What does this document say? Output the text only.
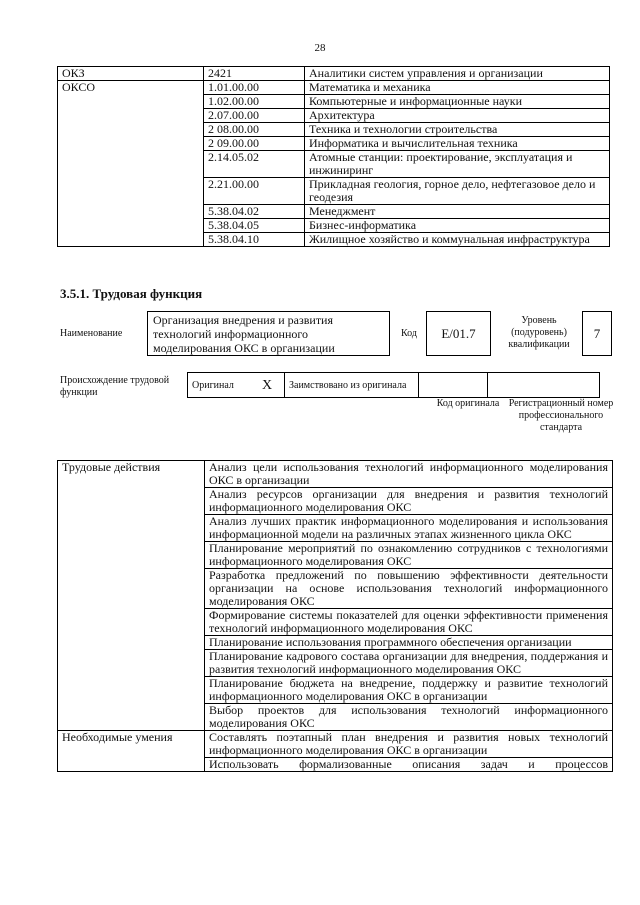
28
ОКЗ	2421	Аналитики систем управления и организации
ОКСО	1.01.00.00	Математика и механика
	1.02.00.00	Компьютерные и информационные науки
	2.07.00.00	Архитектура
	2 08.00.00	Техника и технологии строительства
	2 09.00.00	Информатика и вычислительная техника
	2.14.05.02	Атомные станции: проектирование, эксплуатация и инжиниринг
	2.21.00.00	Прикладная геология, горное дело, нефтегазовое дело и геодезия
	5.38.04.02	Менеджмент
	5.38.04.05	Бизнес-информатика
	5.38.04.10	Жилищное хозяйство и коммунальная инфраструктура
3.5.1. Трудовая функция
Наименование
Организация внедрения и развития технологий информационного моделирования ОКС в организации
Код	E/01.7
Уровень (подуровень) квалификации
7
Происхождение трудовой функции
Оригинал	X	Заимствовано из оригинала		
Код оригинала Регистрационный номер профессионального стандарта
Трудовые действия	Анализ цели использования технологий информационного моделирования ОКС в организации
	Анализ ресурсов организации для внедрения и развития технологий информационного моделирования ОКС
	Анализ лучших практик информационного моделирования и использования информационной модели на различных этапах жизненного цикла ОКС
	Планирование мероприятий по ознакомлению сотрудников с технологиями информационного моделирования ОКС
	Разработка предложений по повышению эффективности деятельности организации на основе использования технологий информационного моделирования ОКС
	Формирование системы показателей для оценки эффективности применения технологий информационного моделирования ОКС
	Планирование использования программного обеспечения организации
	Планирование кадрового состава организации для внедрения, поддержания и развития технологий информационного моделирования ОКС
	Планирование бюджета на внедрение, поддержку и развитие технологий информационного моделирования ОКС в организации
	Выбор проектов для использования технологий информационного моделирования ОКС
Необходимые умения	Составлять поэтапный план внедрения и развития новых технологий информационного моделирования ОКС в организации
	Использовать формализованные описания задач и процессов
